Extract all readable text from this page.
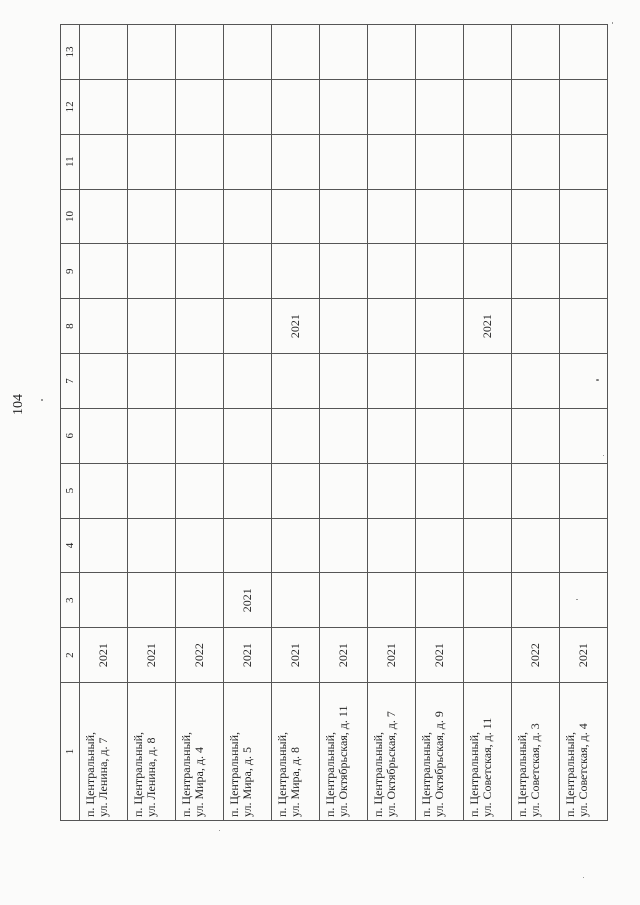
104
1	2	3	4	5	6	7	8	9	10	11	12	13

п. Центральный, ул. Ленина, д. 7	2021											

п. Центральный, ул. Ленина, д. 8	2021											

п. Центральный, ул. Мира, д. 4	2022											

п. Центральный, ул. Мира, д. 5	2021	2021										

п. Центральный, ул. Мира, д. 8	2021						2021					

п. Центральный, ул. Октябрьская, д. 11	2021											

п. Центральный, ул. Октябрьская, д. 7	2021											

п. Центральный, ул. Октябрьская, д. 9	2021											

п. Центральный, ул. Советская, д. 11							2021					

п. Центральный, ул. Советская, д. 3	2022											

п. Центральный, ул. Советская, д. 4	2021											
